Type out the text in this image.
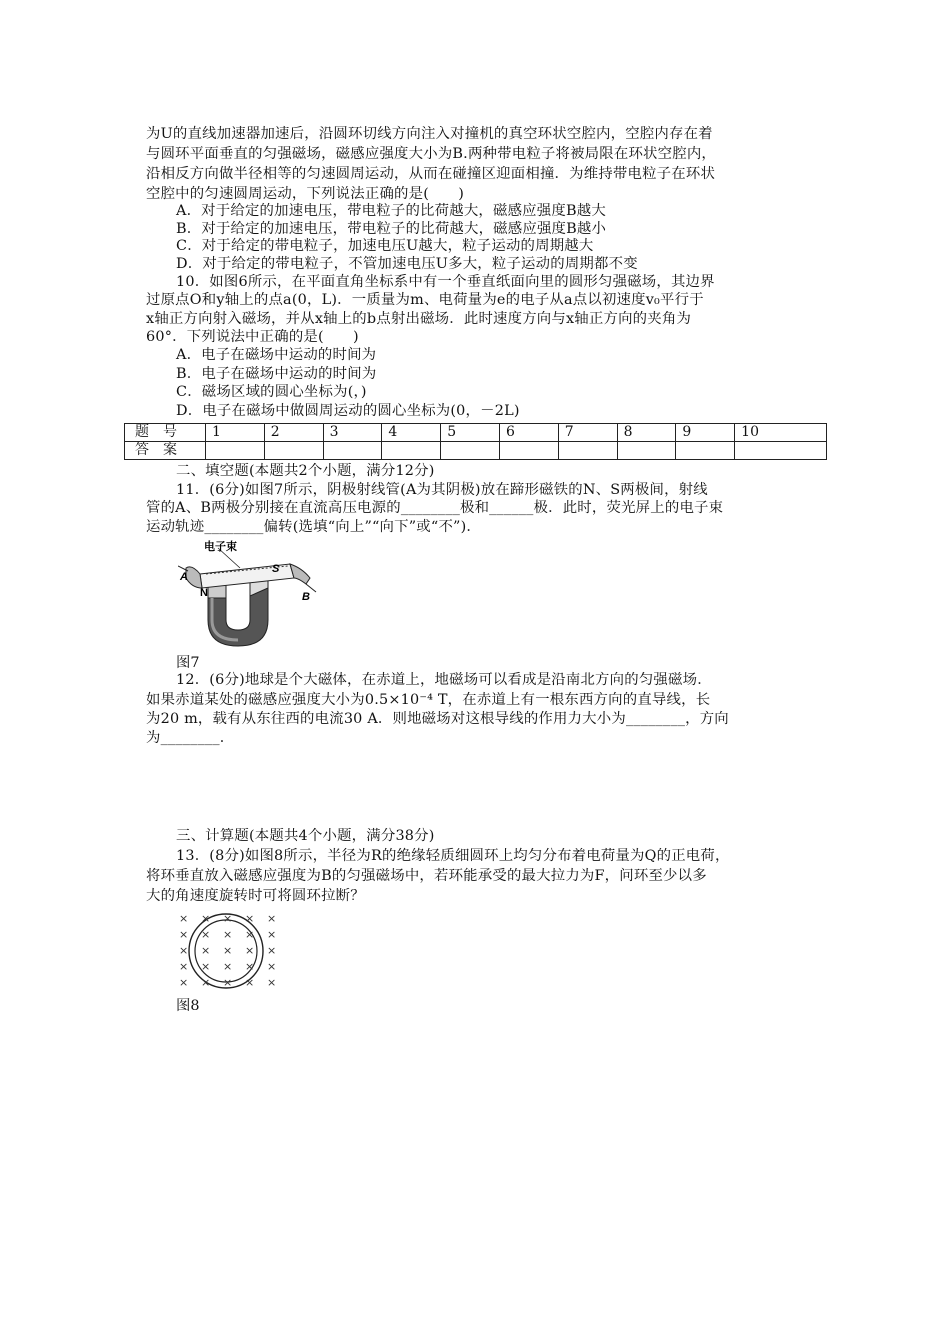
为U的直线加速器加速后，沿圆环切线方向注入对撞机的真空环状空腔内，空腔内存在着
与圆环平面垂直的匀强磁场，磁感应强度大小为B.两种带电粒子将被局限在环状空腔内，
沿相反方向做半径相等的匀速圆周运动，从而在碰撞区迎面相撞．为维持带电粒子在环状
空腔中的匀速圆周运动，下列说法正确的是(　　)
A．对于给定的加速电压，带电粒子的比荷越大，磁感应强度B越大
B．对于给定的加速电压，带电粒子的比荷越大，磁感应强度B越小
C．对于给定的带电粒子，加速电压U越大，粒子运动的周期越大
D．对于给定的带电粒子，不管加速电压U多大，粒子运动的周期都不变
10．如图6所示，在平面直角坐标系中有一个垂直纸面向里的圆形匀强磁场，其边界
过原点O和y轴上的点a(0，L)．一质量为m、电荷量为e的电子从a点以初速度v₀平行于
x轴正方向射入磁场，并从x轴上的b点射出磁场．此时速度方向与x轴正方向的夹角为
60°．下列说法中正确的是(　　)
A．电子在磁场中运动的时间为
B．电子在磁场中运动的时间为
C．磁场区域的圆心坐标为(，)
D．电子在磁场中做圆周运动的圆心坐标为(0，－2L)
题号	1	2	3	4	5	6	7	8	9	10
答案										
二、填空题(本题共2个小题，满分12分)
11．(6分)如图7所示，阴极射线管(A为其阴极)放在蹄形磁铁的N、S两极间，射线
管的A、B两极分别接在直流高压电源的________极和______极．此时，荧光屏上的电子束
运动轨迹________偏转(选填“向上”“向下”或“不”)．
电子束
A
S
B
N
图7
12．(6分)地球是个大磁体，在赤道上，地磁场可以看成是沿南北方向的匀强磁场．
如果赤道某处的磁感应强度大小为0.5×10⁻⁴ T，在赤道上有一根东西方向的直导线，长
为20 m，载有从东往西的电流30 A．则地磁场对这根导线的作用力大小为________，方向
为________．
三、计算题(本题共4个小题，满分38分)
13．(8分)如图8所示，半径为R的绝缘轻质细圆环上均匀分布着电荷量为Q的正电荷，
将环垂直放入磁感应强度为B的匀强磁场中，若环能承受的最大拉力为F，问环至少以多
大的角速度旋转时可将圆环拉断？
× × × × ×
× × × × ×
× × × × ×
× × × × ×
× × × × ×
图8
